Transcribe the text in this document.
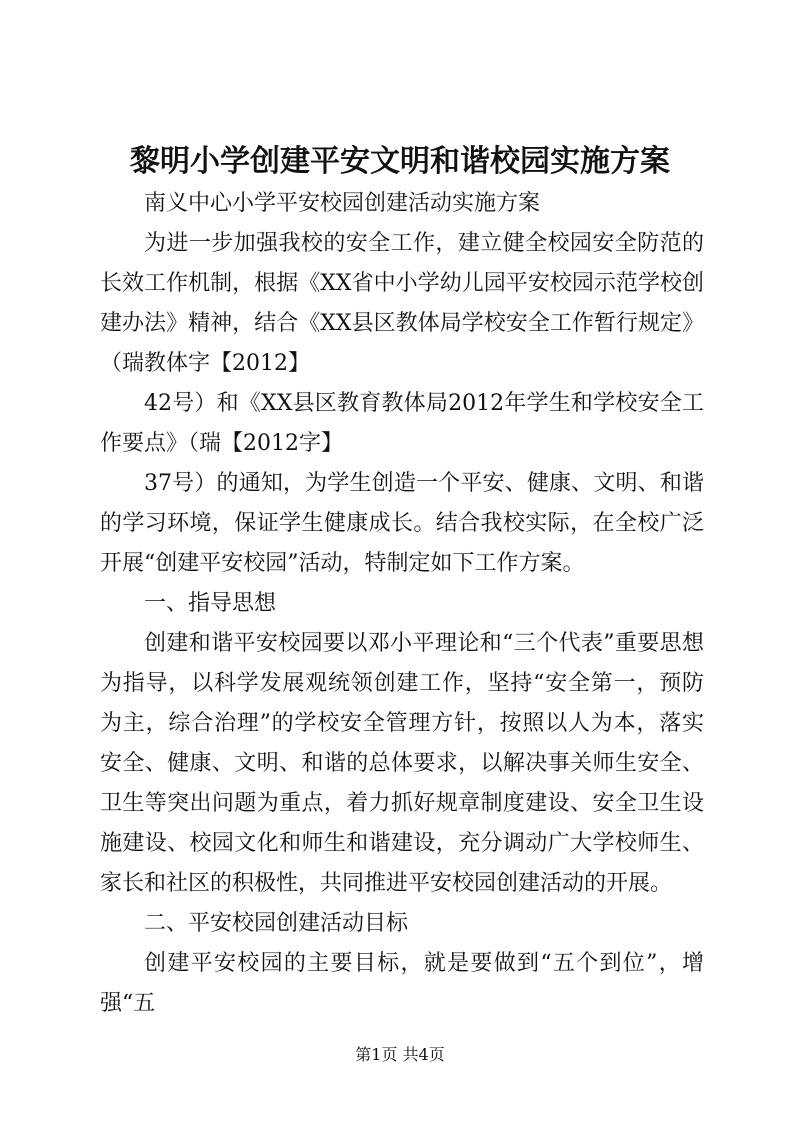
黎明小学创建平安文明和谐校园实施方案

南义中心小学平安校园创建活动实施方案

为进一步加强我校的安全工作，建立健全校园安全防范的长效工作机制，根据《XX省中小学幼儿园平安校园示范学校创建办法》精神，结合《XX县区教体局学校安全工作暂行规定》（瑞教体字【2012】

42号）和《XX县区教育教体局2012年学生和学校安全工作要点》（瑞【2012字】

37号）的通知，为学生创造一个平安、健康、文明、和谐的学习环境，保证学生健康成长。结合我校实际，在全校广泛开展“创建平安校园”活动，特制定如下工作方案。

一、指导思想

创建和谐平安校园要以邓小平理论和“三个代表”重要思想为指导，以科学发展观统领创建工作，坚持“安全第一，预防为主，综合治理”的学校安全管理方针，按照以人为本，落实安全、健康、文明、和谐的总体要求，以解决事关师生安全、卫生等突出问题为重点，着力抓好规章制度建设、安全卫生设施建设、校园文化和师生和谐建设，充分调动广大学校师生、家长和社区的积极性，共同推进平安校园创建活动的开展。

二、平安校园创建活动目标

创建平安校园的主要目标，就是要做到“五个到位”，增强“五

第1页 共4页
